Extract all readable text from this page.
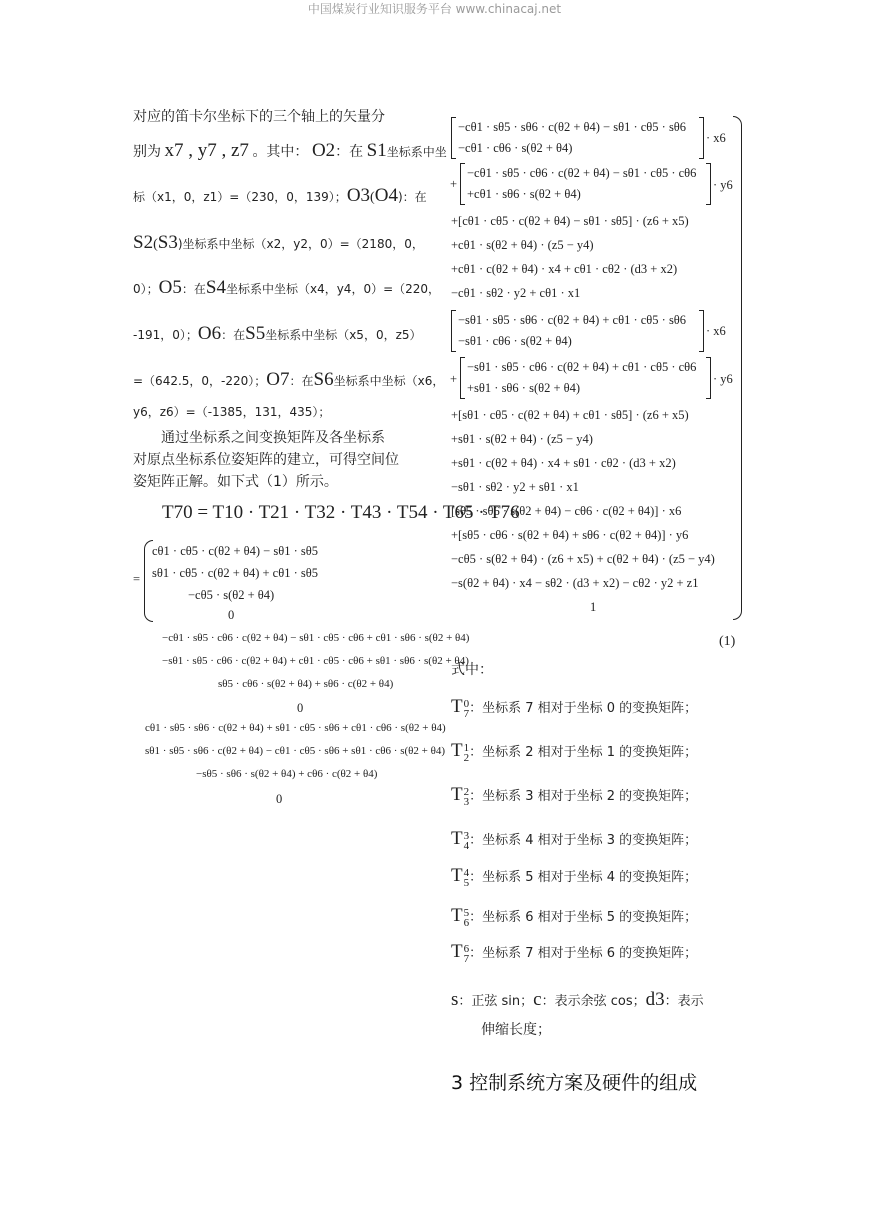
中国煤炭行业知识服务平台 www.chinacaj.net
对应的笛卡尔坐标下的三个轴上的矢量分
别为 x7 , y7 , z7 。其中： O2：在 S1坐标系中坐
标（x1，0，z1）=（230，0，139）；O3(O4)：在
S2(S3)坐标系中坐标（x2，y2，0）=（2180，0，
0）；O5：在S4坐标系中坐标（x4，y4，0）=（220，
-191，0）；O6：在S5坐标系中坐标（x5，0，z5）
=（642.5，0，-220）；O7：在S6坐标系中坐标（x6，
y6，z6）=（-1385，131，435）；
通过坐标系之间变换矩阵及各坐标系
对原点坐标系位姿矩阵的建立，可得空间位
姿矩阵正解。如下式（1）所示。
T70 = T10 · T21 · T32 · T43 · T54 · T65 · T76
=
cθ1 · cθ5 · c(θ2 + θ4) − sθ1 · sθ5
sθ1 · cθ5 · c(θ2 + θ4) + cθ1 · sθ5
−cθ5 · s(θ2 + θ4)
0
−cθ1 · sθ5 · cθ6 · c(θ2 + θ4) − sθ1 · cθ5 · cθ6 + cθ1 · sθ6 · s(θ2 + θ4)
−sθ1 · sθ5 · cθ6 · c(θ2 + θ4) + cθ1 · cθ5 · cθ6 + sθ1 · sθ6 · s(θ2 + θ4)
sθ5 · cθ6 · s(θ2 + θ4) + sθ6 · c(θ2 + θ4)
0
cθ1 · sθ5 · sθ6 · c(θ2 + θ4) + sθ1 · cθ5 · sθ6 + cθ1 · cθ6 · s(θ2 + θ4)
sθ1 · sθ5 · sθ6 · c(θ2 + θ4) − cθ1 · cθ5 · sθ6 + sθ1 · cθ6 · s(θ2 + θ4)
−sθ5 · sθ6 · s(θ2 + θ4) + cθ6 · c(θ2 + θ4)
0
−cθ1 · sθ5 · sθ6 · c(θ2 + θ4) − sθ1 · cθ5 · sθ6
−cθ1 · cθ6 · s(θ2 + θ4)
· x6
+
−cθ1 · sθ5 · cθ6 · c(θ2 + θ4) − sθ1 · cθ5 · cθ6
+cθ1 · sθ6 · s(θ2 + θ4)
· y6
+[cθ1 · cθ5 · c(θ2 + θ4) − sθ1 · sθ5] · (z6 + x5)
+cθ1 · s(θ2 + θ4) · (z5 − y4)
+cθ1 · c(θ2 + θ4) · x4 + cθ1 · cθ2 · (d3 + x2)
−cθ1 · sθ2 · y2 + cθ1 · x1
−sθ1 · sθ5 · sθ6 · c(θ2 + θ4) + cθ1 · cθ5 · sθ6
−sθ1 · cθ6 · s(θ2 + θ4)
· x6
+
−sθ1 · sθ5 · cθ6 · c(θ2 + θ4) + cθ1 · cθ5 · cθ6
+sθ1 · sθ6 · s(θ2 + θ4)
· y6
+[sθ1 · cθ5 · c(θ2 + θ4) + cθ1 · sθ5] · (z6 + x5)
+sθ1 · s(θ2 + θ4) · (z5 − y4)
+sθ1 · c(θ2 + θ4) · x4 + sθ1 · cθ2 · (d3 + x2)
−sθ1 · sθ2 · y2 + sθ1 · x1
[sθ5 · sθ6 · s(θ2 + θ4) − cθ6 · c(θ2 + θ4)] · x6
+[sθ5 · cθ6 · s(θ2 + θ4) + sθ6 · c(θ2 + θ4)] · y6
−cθ5 · s(θ2 + θ4) · (z6 + x5) + c(θ2 + θ4) · (z5 − y4)
−s(θ2 + θ4) · x4 − sθ2 · (d3 + x2) − cθ2 · y2 + z1
1
(1)
式中：
T 0
7 ：坐标系 7 相对于坐标 0 的变换矩阵；
T 1
2 ：坐标系 2 相对于坐标 1 的变换矩阵；
T 2
3 ：坐标系 3 相对于坐标 2 的变换矩阵；
T 3
4 ：坐标系 4 相对于坐标 3 的变换矩阵；
T 4
5 ：坐标系 5 相对于坐标 4 的变换矩阵；
T 5
6 ：坐标系 6 相对于坐标 5 的变换矩阵；
T 6
7 ：坐标系 7 相对于坐标 6 的变换矩阵；
s：正弦 sin；c：表示余弦 cos；d3：表示
伸缩长度；
3 控制系统方案及硬件的组成
